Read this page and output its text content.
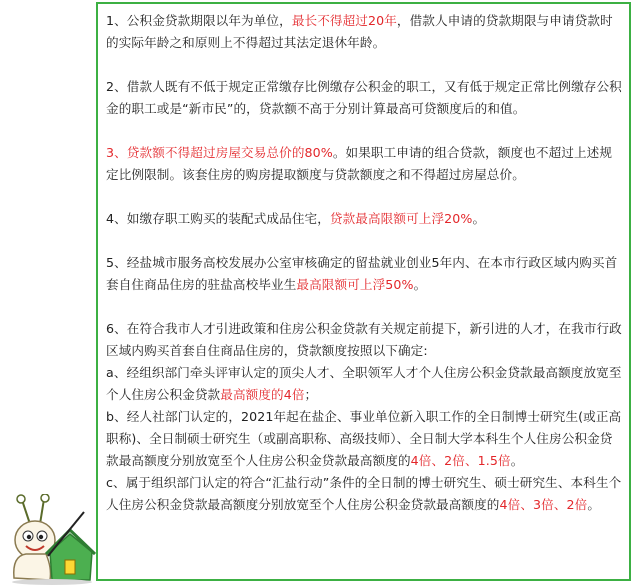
1、公积金贷款期限以年为单位，最长不得超过20年，借款人申请的贷款期限与申请贷款时的实际年龄之和原则上不得超过其法定退休年龄。

2、借款人既有不低于规定正常缴存比例缴存公积金的职工，又有低于规定正常比例缴存公积金的职工或是“新市民”的，贷款额不高于分别计算最高可贷额度后的和值。

3、贷款额不得超过房屋交易总价的80%。如果职工申请的组合贷款，额度也不超过上述规定比例限制。该套住房的购房提取额度与贷款额度之和不得超过房屋总价。

4、如缴存职工购买的装配式成品住宅，贷款最高限额可上浮20%。

5、经盐城市服务高校发展办公室审核确定的留盐就业创业5年内、在本市行政区域内购买首套自住商品住房的驻盐高校毕业生最高限额可上浮50%。

6、在符合我市人才引进政策和住房公积金贷款有关规定前提下，新引进的人才，在我市行政区域内购买首套自住商品住房的，贷款额度按照以下确定:

a、经组织部门牵头评审认定的顶尖人才、全职领军人才个人住房公积金贷款最高额度放宽至个人住房公积金贷款最高额度的4倍；

b、经人社部门认定的，2021年起在盐企、事业单位新入职工作的全日制博士研究生(或正高职称)、全日制硕士研究生（或副高职称、高级技师）、全日制大学本科生个人住房公积金贷款最高额度分别放宽至个人住房公积金贷款最高额度的4倍、2倍、1.5倍。

c、属于组织部门认定的符合“汇盐行动”条件的全日制的博士研究生、硕士研究生、本科生个人住房公积金贷款最高额度分别放宽至个人住房公积金贷款最高额度的4倍、3倍、2倍。
